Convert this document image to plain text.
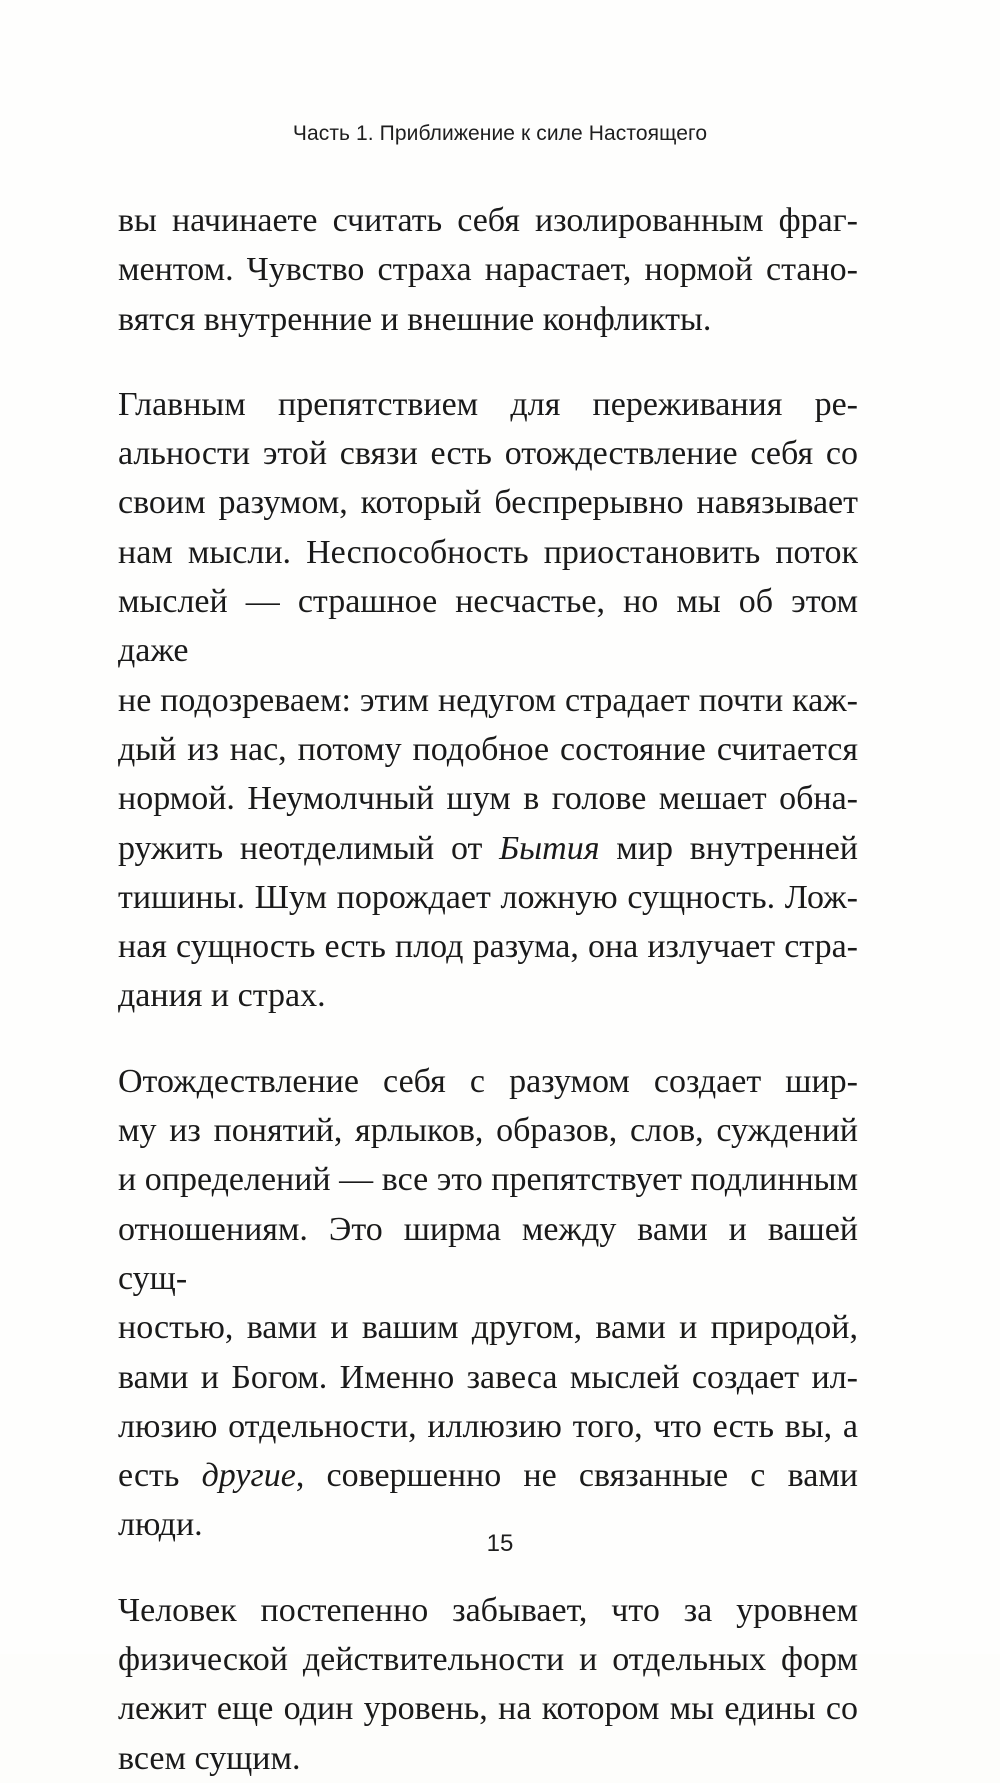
Часть 1. Приближение к силе Настоящего

вы начинаете считать себя изолированным фраг-

ментом. Чувство страха нарастает, нормой стано-

вятся внутренние и внешние конфликты.

Главным препятствием для переживания ре-

альности этой связи есть отождествление себя со

своим разумом, который беспрерывно навязывает

нам мысли. Неспособность приостановить поток

мыслей — страшное несчастье, но мы об этом даже

не подозреваем: этим недугом страдает почти каж-

дый из нас, потому подобное состояние считается

нормой. Неумолчный шум в голове мешает обна-

ружить неотделимый от Бытия мир внутренней

тишины. Шум порождает ложную сущность. Лож-

ная сущность есть плод разума, она излучает стра-

дания и страх.

Отождествление себя с разумом создает шир-

му из понятий, ярлыков, образов, слов, суждений

и определений — все это препятствует подлинным

отношениям. Это ширма между вами и вашей сущ-

ностью, вами и вашим другом, вами и природой,

вами и Богом. Именно завеса мыслей создает ил-

люзию отдельности, иллюзию того, что есть вы, а

есть другие, совершенно не связанные с вами люди.

Человек постепенно забывает, что за уровнем

физической действительности и отдельных форм

лежит еще один уровень, на котором мы едины со

всем сущим.

15
